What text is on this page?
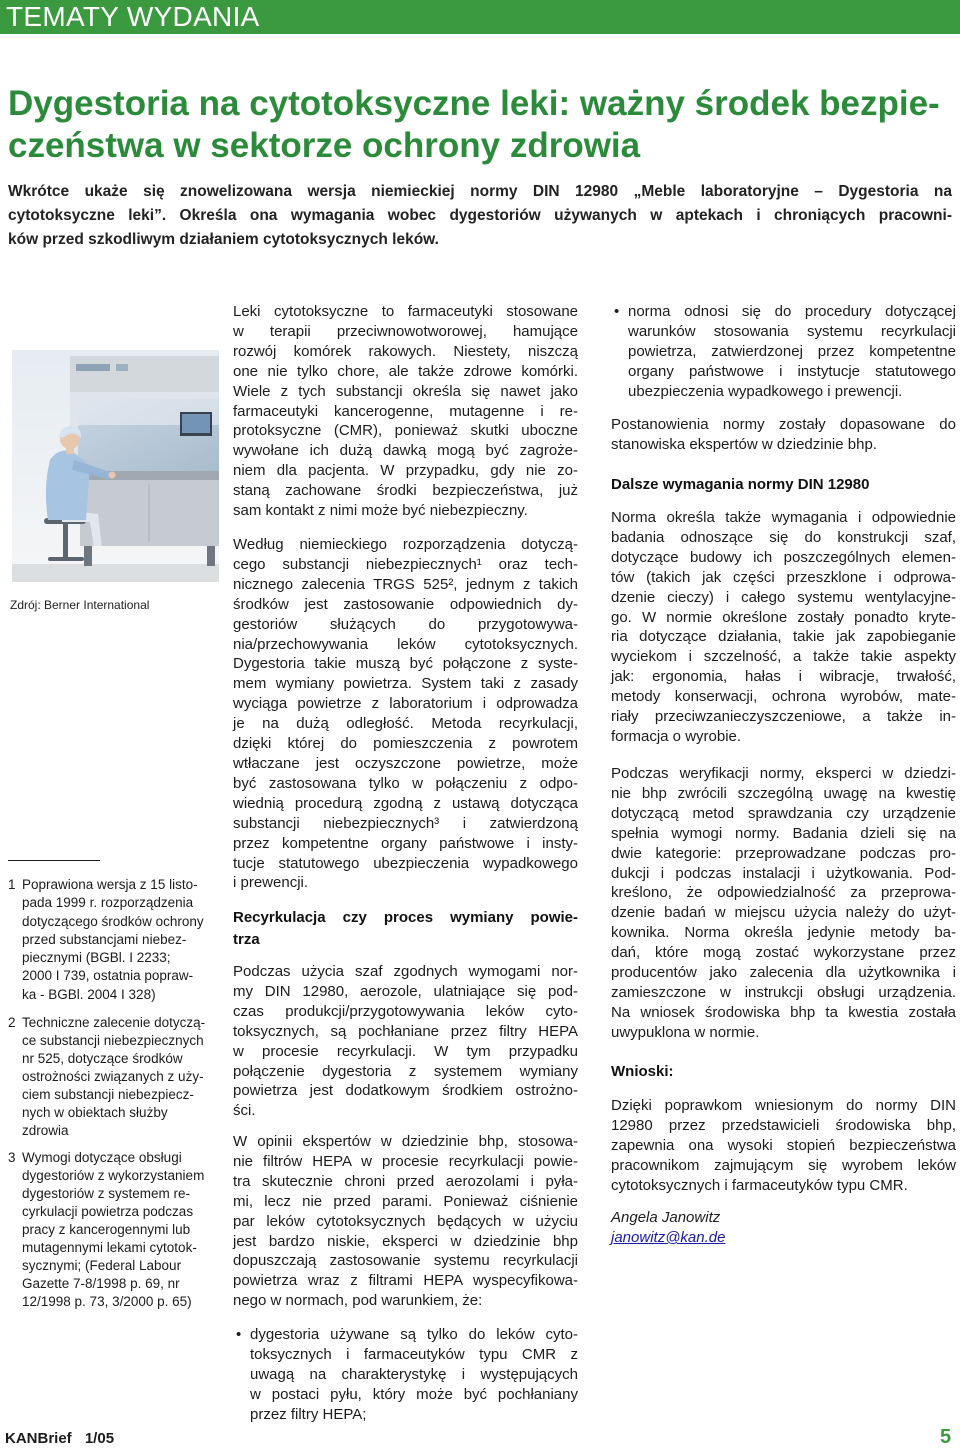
TEMATY WYDANIA
Dygestoria na cytotoksyczne leki: ważny środek bezpie-
czeństwa w sektorze ochrony zdrowia
Wkrótce ukaże się znowelizowana wersja niemieckiej normy DIN 12980 „Meble laboratoryjne – Dygestoria na
cytotoksyczne leki”. Określa ona wymagania wobec dygestoriów używanych w aptekach i chroniących pracowni-
ków przed szkodliwym działaniem cytotoksycznych leków.
Zdrój: Berner International
1 Poprawiona wersja z 15 listo-
pada 1999 r. rozporządzenia
dotyczącego środków ochrony
przed substancjami niebez-
piecznymi (BGBl. I 2233;
2000 I 739, ostatnia popraw-
ka - BGBl. 2004 I 328)
2 Techniczne zalecenie dotyczą-
ce substancji niebezpiecznych
nr 525, dotyczące środków
ostrożności związanych z uży-
ciem substancji niebezpiecz-
nych w obiektach służby
zdrowia
3 Wymogi dotyczące obsługi
dygestoriów z wykorzystaniem
dygestoriów z systemem re-
cyrkulacji powietrza podczas
pracy z kancerogennymi lub
mutagennymi lekami cytotok-
sycznymi; (Federal Labour
Gazette 7-8/1998 p. 69, nr
12/1998 p. 73, 3/2000 p. 65)
Leki cytotoksyczne to farmaceutyki stosowane
w terapii przeciwnowotworowej, hamujące
rozwój komórek rakowych. Niestety, niszczą
one nie tylko chore, ale także zdrowe komórki.
Wiele z tych substancji określa się nawet jako
farmaceutyki kancerogenne, mutagenne i re-
protoksyczne (CMR), ponieważ skutki uboczne
wywołane ich dużą dawką mogą być zagroże-
niem dla pacjenta. W przypadku, gdy nie zo-
staną zachowane środki bezpieczeństwa, już
sam kontakt z nimi może być niebezpieczny.
Według niemieckiego rozporządzenia dotyczą-
cego substancji niebezpiecznych¹ oraz tech-
nicznego zalecenia TRGS 525², jednym z takich
środków jest zastosowanie odpowiednich dy-
gestoriów służących do przygotowywa-
nia/przechowywania leków cytotoksycznych.
Dygestoria takie muszą być połączone z syste-
mem wymiany powietrza. System taki z zasady
wyciąga powietrze z laboratorium i odprowadza
je na dużą odległość. Metoda recyrkulacji,
dzięki której do pomieszczenia z powrotem
wtłaczane jest oczyszczone powietrze, może
być zastosowana tylko w połączeniu z odpo-
wiednią procedurą zgodną z ustawą dotycząca
substancji niebezpiecznych³ i zatwierdzoną
przez kompetentne organy państwowe i insty-
tucje statutowego ubezpieczenia wypadkowego
i prewencji.
Recyrkulacja czy proces wymiany powie-
trza
Podczas użycia szaf zgodnych wymogami nor-
my DIN 12980, aerozole, ulatniające się pod-
czas produkcji/przygotowywania leków cyto-
toksycznych, są pochłaniane przez filtry HEPA
w procesie recyrkulacji. W tym przypadku
połączenie dygestoria z systemem wymiany
powietrza jest dodatkowym środkiem ostrożno-
ści.
W opinii ekspertów w dziedzinie bhp, stosowa-
nie filtrów HEPA w procesie recyrkulacji powie-
tra skutecznie chroni przed aerozolami i pyła-
mi, lecz nie przed parami. Ponieważ ciśnienie
par leków cytotoksycznych będących w użyciu
jest bardzo niskie, eksperci w dziedzinie bhp
dopuszczają zastosowanie systemu recyrkulacji
powietrza wraz z filtrami HEPA wyspecyfikowa-
nego w normach, pod warunkiem, że:
• dygestoria używane są tylko do leków cyto-
toksycznych i farmaceutyków typu CMR z
uwagą na charakterystykę i występujących
w postaci pyłu, który może być pochłaniany
przez filtry HEPA;
• norma odnosi się do procedury dotyczącej
warunków stosowania systemu recyrkulacji
powietrza, zatwierdzonej przez kompetentne
organy państwowe i instytucje statutowego
ubezpieczenia wypadkowego i prewencji.
Postanowienia normy zostały dopasowane do
stanowiska ekspertów w dziedzinie bhp.
Dalsze wymagania normy DIN 12980
Norma określa także wymagania i odpowiednie
badania odnoszące się do konstrukcji szaf,
dotyczące budowy ich poszczególnych elemen-
tów (takich jak części przeszklone i odprowa-
dzenie cieczy) i całego systemu wentylacyjne-
go. W normie określone zostały ponadto kryte-
ria dotyczące działania, takie jak zapobieganie
wyciekom i szczelność, a także takie aspekty
jak: ergonomia, hałas i wibracje, trwałość,
metody konserwacji, ochrona wyrobów, mate-
riały przeciwzanieczyszczeniowe, a także in-
formacja o wyrobie.
Podczas weryfikacji normy, eksperci w dziedzi-
nie bhp zwrócili szczególną uwagę na kwestię
dotyczącą metod sprawdzania czy urządzenie
spełnia wymogi normy. Badania dzieli się na
dwie kategorie: przeprowadzane podczas pro-
dukcji i podczas instalacji i użytkowania. Pod-
kreślono, że odpowiedzialność za przeprowa-
dzenie badań w miejscu użycia należy do użyt-
kownika. Norma określa jedynie metody ba-
dań, które mogą zostać wykorzystane przez
producentów jako zalecenia dla użytkownika i
zamieszczone w instrukcji obsługi urządzenia.
Na wniosek środowiska bhp ta kwestia została
uwypuklona w normie.
Wnioski:
Dzięki poprawkom wniesionym do normy DIN
12980 przez przedstawicieli środowiska bhp,
zapewnia ona wysoki stopień bezpieczeństwa
pracownikom zajmującym się wyrobem leków
cytotoksycznych i farmaceutyków typu CMR.
Angela Janowitz
janowitz@kan.de
KANBrief 1/05	5
